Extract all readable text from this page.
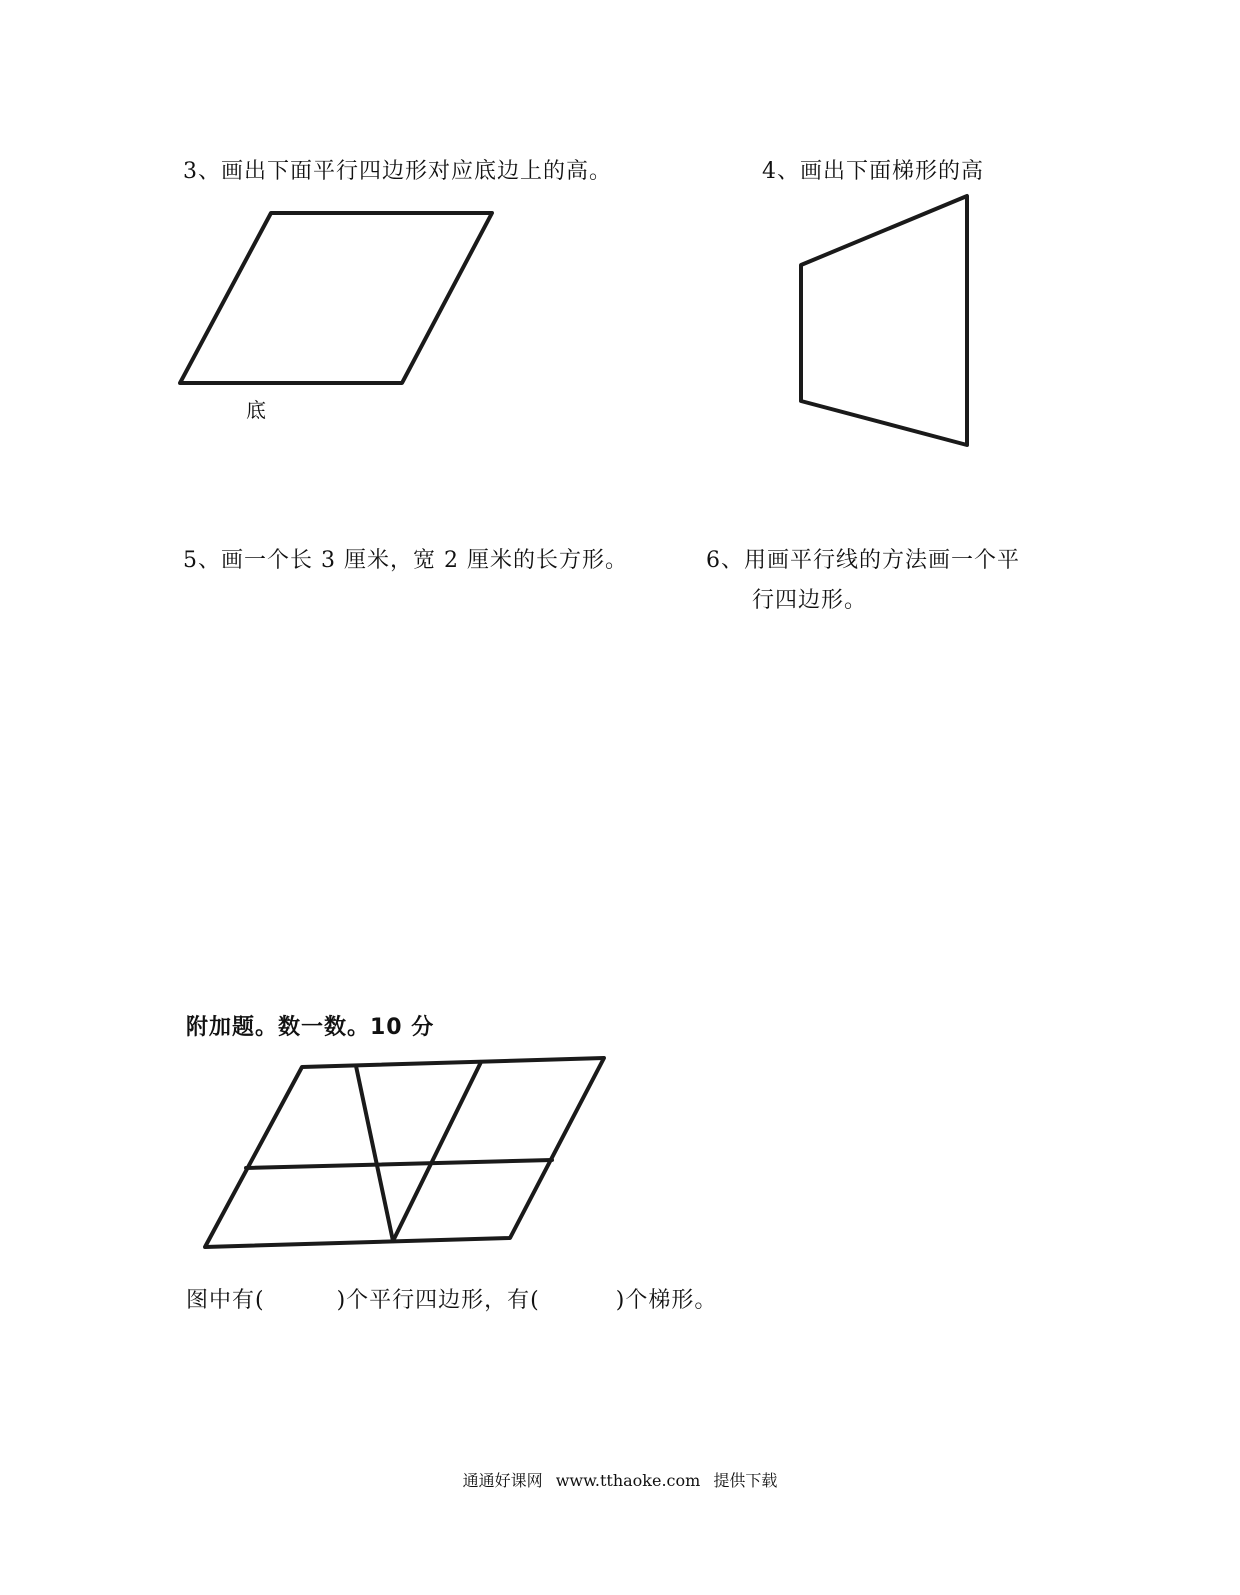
3、画出下面平行四边形对应底边上的高。
底
4、画出下面梯形的高
5、画一个长 3 厘米，宽 2 厘米的长方形。	6、用画平行线的方法画一个平
行四边形。
附加题。数一数。10 分
图中有(	)个平行四边形，有(	)个梯形。
通通好课网 www.tthaoke.com 提供下载
